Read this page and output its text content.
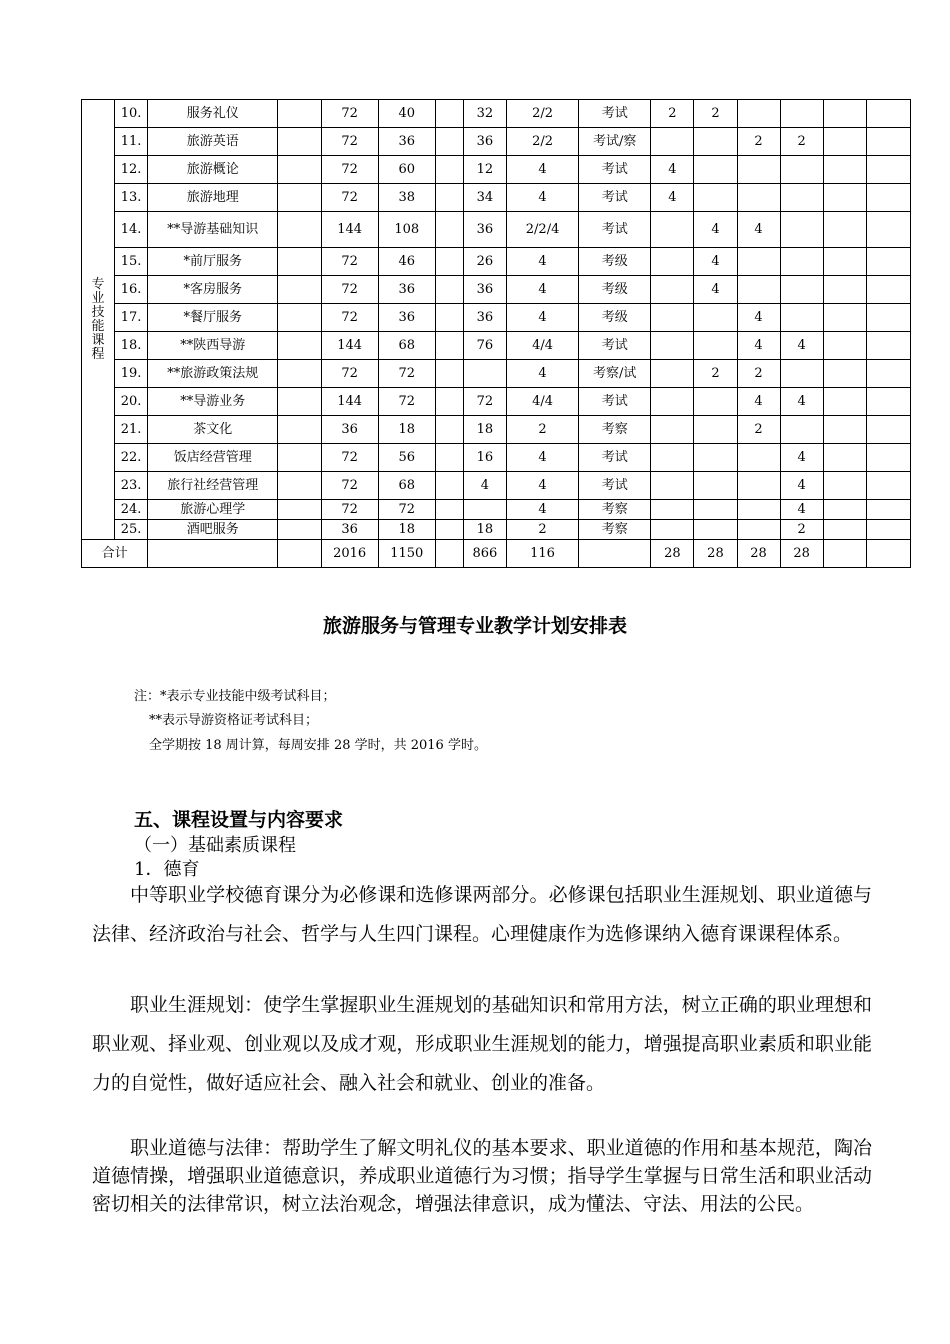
专业技能课程	10.	服务礼仪		72	40		32	2/2	考试	2	2				
	11.	旅游英语		72	36		36	2/2	考试/察			2	2		
	12.	旅游概论		72	60		12	4	考试	4					
	13.	旅游地理		72	38		34	4	考试	4					
	14.	**导游基础知识		144	108		36	2/2/4	考试		4	4			
	15.	*前厅服务		72	46		26	4	考级		4				
	16.	*客房服务		72	36		36	4	考级		4				
	17.	*餐厅服务		72	36		36	4	考级			4			
	18.	**陕西导游		144	68		76	4/4	考试			4	4		
	19.	**旅游政策法规		72	72			4	考察/试		2	2			
	20.	**导游业务		144	72		72	4/4	考试			4	4		
	21.	茶文化		36	18		18	2	考察			2			
	22.	饭店经营管理		72	56		16	4	考试				4		
	23.	旅行社经营管理		72	68		4	4	考试				4		
	24.	旅游心理学		72	72			4	考察				4		
	25.	酒吧服务		36	18		18	2	考察				2		
合计				2016	1150		866	116		28	28	28	28		
旅游服务与管理专业教学计划安排表
注：*表示专业技能中级考试科目；
**表示导游资格证考试科目；
全学期按 18 周计算，每周安排 28 学时，共 2016 学时。
五、课程设置与内容要求
（一）基础素质课程
1．德育
中等职业学校德育课分为必修课和选修课两部分。必修课包括职业生涯规划、职业道德与法律、经济政治与社会、哲学与人生四门课程。心理健康作为选修课纳入德育课课程体系。
职业生涯规划：使学生掌握职业生涯规划的基础知识和常用方法，树立正确的职业理想和职业观、择业观、创业观以及成才观，形成职业生涯规划的能力，增强提高职业素质和职业能力的自觉性，做好适应社会、融入社会和就业、创业的准备。
职业道德与法律：帮助学生了解文明礼仪的基本要求、职业道德的作用和基本规范，陶冶道德情操，增强职业道德意识，养成职业道德行为习惯；指导学生掌握与日常生活和职业活动密切相关的法律常识，树立法治观念，增强法律意识，成为懂法、守法、用法的公民。
